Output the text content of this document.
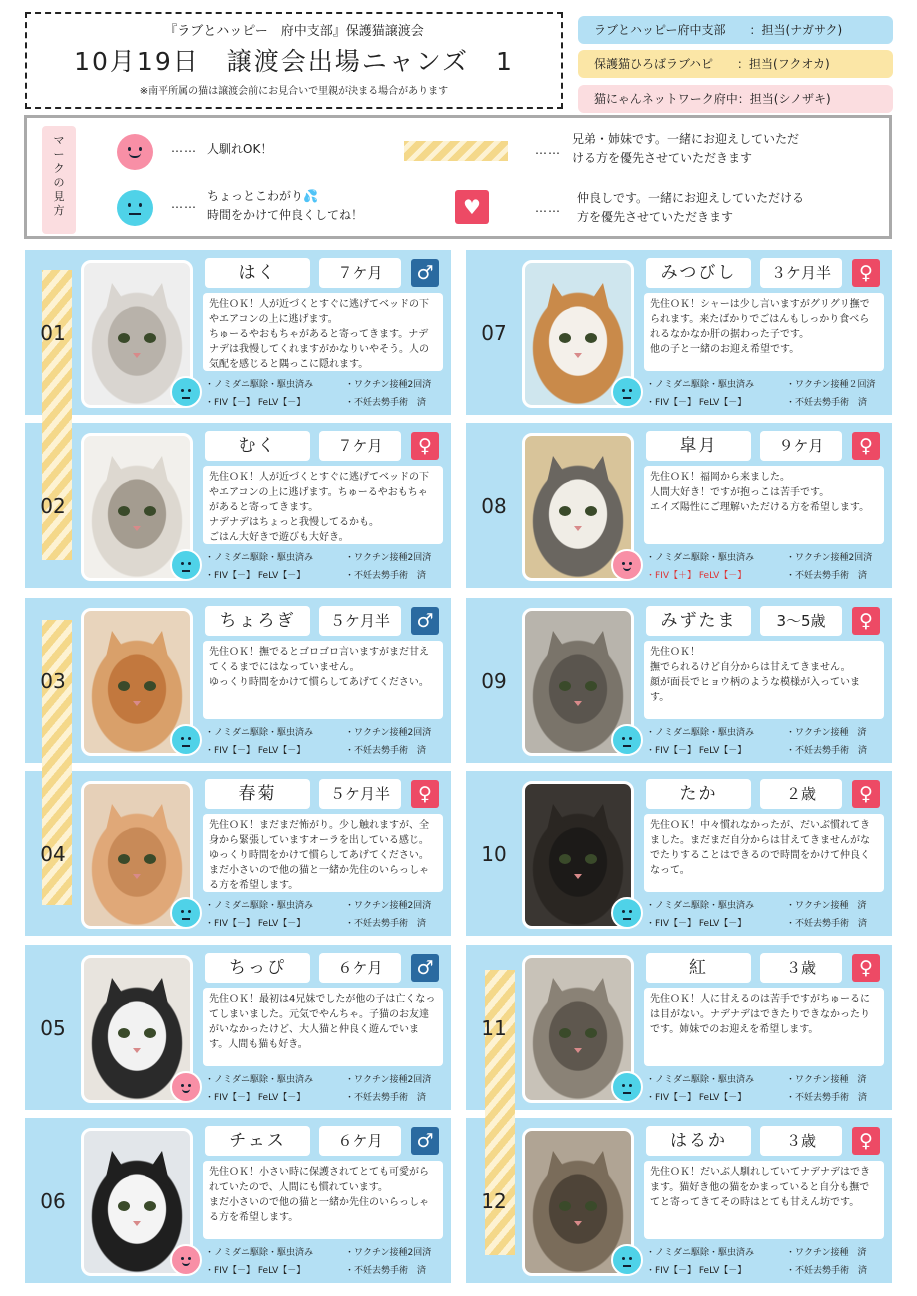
『ラブとハッピー　府中支部』保護猫譲渡会
10月19日　譲渡会出場ニャンズ　1
※南平所属の猫は譲渡会前にお見合いで里親が決まる場合があります
ラブとハッピー府中支部　　：担当(ナガサク)
保護猫ひろばラブハピ　　：担当(フクオカ)
猫にゃんネットワーク府中：担当(シノザキ)
マ
ー
ク
の
見
方
…… 人馴れOK！
……
ちょっとこわがり💦
時間をかけて仲良くしてね！
……
兄弟・姉妹です。一緒にお迎えしていただ
ける方を優先させていただきます
♥	……
仲良しです。一緒にお迎えしていただける
方を優先させていただきます
01
はく	７ケ月	♂
先住ＯＫ！人が近づくとすぐに逃げてベッドの下やエアコンの上に逃げます。
ちゅーるやおもちゃがあると寄ってきます。ナデナデは我慢してくれますがかなりいやそう。人の気配を感じると隅っこに隠れます。
・ノミダニ駆除・駆虫済み	・ワクチン接種2回済
・FIV【－】 FeLV【－】	・不妊去勢手術　済
02
むく	７ケ月	♀
先住ＯＫ！人が近づくとすぐに逃げてベッドの下やエアコンの上に逃げます。ちゅーるやおもちゃがあると寄ってきます。
ナデナデはちょっと我慢してるかも。
ごはん大好きで遊びも大好き。
・ノミダニ駆除・駆虫済み	・ワクチン接種2回済
・FIV【－】 FeLV【－】	・不妊去勢手術　済
03
ちょろぎ	５ケ月半	♂
先住ＯＫ！撫でるとゴロゴロ言いますがまだ甘えてくるまでにはなっていません。
ゆっくり時間をかけて慣らしてあげてください。
・ノミダニ駆除・駆虫済み	・ワクチン接種2回済
・FIV【－】 FeLV【－】	・不妊去勢手術　済
04
春菊	５ケ月半	♀
先住ＯＫ！まだまだ怖がり。少し触れますが、全身から緊張していますオーラを出している感じ。ゆっくり時間をかけて慣らしてあげてください。まだ小さいので他の猫と一緒か先住のいらっしゃる方を希望します。
・ノミダニ駆除・駆虫済み	・ワクチン接種2回済
・FIV【－】 FeLV【－】	・不妊去勢手術　済
05
ちっぴ	６ケ月	♂
先住ＯＫ！最初は4兄妹でしたが他の子は亡くなってしまいました。元気でやんちゃ。子猫のお友達がいなかったけど、大人猫と仲良く遊んでいます。人間も猫も好き。
・ノミダニ駆除・駆虫済み	・ワクチン接種2回済
・FIV【－】 FeLV【－】	・不妊去勢手術　済
06
チェス	６ケ月	♂
先住ＯＫ！小さい時に保護されてとても可愛がられていたので、人間にも慣れています。
まだ小さいので他の猫と一緒か先住のいらっしゃる方を希望します。
・ノミダニ駆除・駆虫済み	・ワクチン接種2回済
・FIV【－】 FeLV【－】	・不妊去勢手術　済
07
みつびし	３ケ月半	♀
先住ＯＫ！シャーは少し言いますがグリグリ撫でられます。来たばかりでごはんもしっかり食べられるなかなか肝の据わった子です。
他の子と一緒のお迎え希望です。
・ノミダニ駆除・駆虫済み	・ワクチン接種２回済
・FIV【－】 FeLV【－】	・不妊去勢手術　済
08
皐月	９ケ月	♀
先住ＯＫ！福岡から来ました。
人間大好き！ですが抱っこは苦手です。
エイズ陽性にご理解いただける方を希望します。
・ノミダニ駆除・駆虫済み	・ワクチン接種2回済
・FIV【＋】 FeLV【－】	・不妊去勢手術　済
09
みずたま	3～5歳	♀
先住ＯＫ！
撫でられるけど自分からは甘えてきません。
顔が面長でヒョウ柄のような模様が入っています。
・ノミダニ駆除・駆虫済み	・ワクチン接種　済
・FIV【－】 FeLV【－】	・不妊去勢手術　済
10
たか	２歳	♀
先住ＯＫ！中々慣れなかったが、だいぶ慣れてきました。まだまだ自分からは甘えてきませんがなでたりすることはできるので時間をかけて仲良くなって。
・ノミダニ駆除・駆虫済み	・ワクチン接種　済
・FIV【－】 FeLV【－】	・不妊去勢手術　済
11
紅	３歳	♀
先住ＯＫ！人に甘えるのは苦手ですがちゅーるには目がない。ナデナデはできたりできなかったりです。姉妹でのお迎えを希望します。
・ノミダニ駆除・駆虫済み	・ワクチン接種　済
・FIV【－】 FeLV【－】	・不妊去勢手術　済
12
はるか	３歳	♀
先住ＯＫ！だいぶ人馴れしていてナデナデはできます。猫好き他の猫をかまっていると自分も撫でてと寄ってきてその時はとても甘えん坊です。
・ノミダニ駆除・駆虫済み	・ワクチン接種　済
・FIV【－】 FeLV【－】	・不妊去勢手術　済
